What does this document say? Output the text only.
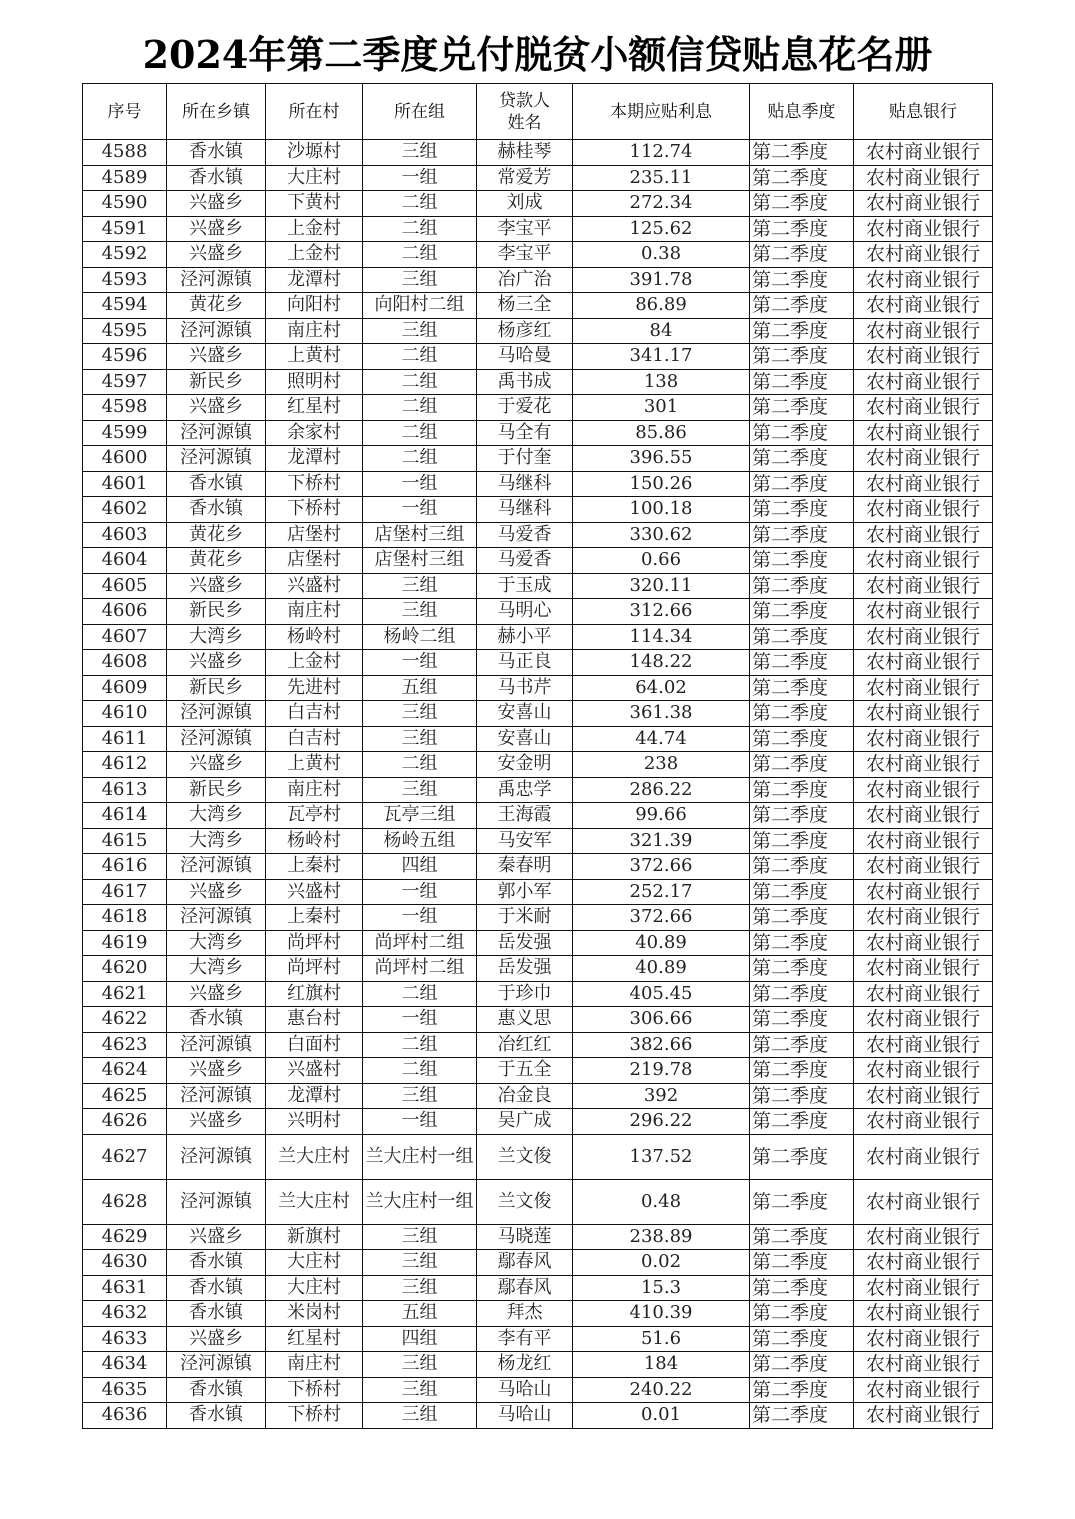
2024年第二季度兑付脱贫小额信贷贴息花名册
序号	所在乡镇	所在村	所在组	贷款人姓名	本期应贴利息	贴息季度	贴息银行
4588	香水镇	沙塬村	三组	赫桂琴	112.74	第二季度	农村商业银行
4589	香水镇	大庄村	一组	常爱芳	235.11	第二季度	农村商业银行
4590	兴盛乡	下黄村	二组	刘成	272.34	第二季度	农村商业银行
4591	兴盛乡	上金村	二组	李宝平	125.62	第二季度	农村商业银行
4592	兴盛乡	上金村	二组	李宝平	0.38	第二季度	农村商业银行
4593	泾河源镇	龙潭村	三组	冶广治	391.78	第二季度	农村商业银行
4594	黄花乡	向阳村	向阳村二组	杨三全	86.89	第二季度	农村商业银行
4595	泾河源镇	南庄村	三组	杨彦红	84	第二季度	农村商业银行
4596	兴盛乡	上黄村	二组	马哈曼	341.17	第二季度	农村商业银行
4597	新民乡	照明村	二组	禹书成	138	第二季度	农村商业银行
4598	兴盛乡	红星村	二组	于爱花	301	第二季度	农村商业银行
4599	泾河源镇	余家村	二组	马全有	85.86	第二季度	农村商业银行
4600	泾河源镇	龙潭村	二组	于付奎	396.55	第二季度	农村商业银行
4601	香水镇	下桥村	一组	马继科	150.26	第二季度	农村商业银行
4602	香水镇	下桥村	一组	马继科	100.18	第二季度	农村商业银行
4603	黄花乡	店堡村	店堡村三组	马爱香	330.62	第二季度	农村商业银行
4604	黄花乡	店堡村	店堡村三组	马爱香	0.66	第二季度	农村商业银行
4605	兴盛乡	兴盛村	三组	于玉成	320.11	第二季度	农村商业银行
4606	新民乡	南庄村	三组	马明心	312.66	第二季度	农村商业银行
4607	大湾乡	杨岭村	杨岭二组	赫小平	114.34	第二季度	农村商业银行
4608	兴盛乡	上金村	一组	马正良	148.22	第二季度	农村商业银行
4609	新民乡	先进村	五组	马书芹	64.02	第二季度	农村商业银行
4610	泾河源镇	白吉村	三组	安喜山	361.38	第二季度	农村商业银行
4611	泾河源镇	白吉村	三组	安喜山	44.74	第二季度	农村商业银行
4612	兴盛乡	上黄村	二组	安金明	238	第二季度	农村商业银行
4613	新民乡	南庄村	三组	禹忠学	286.22	第二季度	农村商业银行
4614	大湾乡	瓦亭村	瓦亭三组	王海霞	99.66	第二季度	农村商业银行
4615	大湾乡	杨岭村	杨岭五组	马安军	321.39	第二季度	农村商业银行
4616	泾河源镇	上秦村	四组	秦春明	372.66	第二季度	农村商业银行
4617	兴盛乡	兴盛村	一组	郭小军	252.17	第二季度	农村商业银行
4618	泾河源镇	上秦村	一组	于米耐	372.66	第二季度	农村商业银行
4619	大湾乡	尚坪村	尚坪村二组	岳发强	40.89	第二季度	农村商业银行
4620	大湾乡	尚坪村	尚坪村二组	岳发强	40.89	第二季度	农村商业银行
4621	兴盛乡	红旗村	二组	于珍巾	405.45	第二季度	农村商业银行
4622	香水镇	惠台村	一组	惠义思	306.66	第二季度	农村商业银行
4623	泾河源镇	白面村	二组	冶红红	382.66	第二季度	农村商业银行
4624	兴盛乡	兴盛村	二组	于五全	219.78	第二季度	农村商业银行
4625	泾河源镇	龙潭村	三组	冶金良	392	第二季度	农村商业银行
4626	兴盛乡	兴明村	一组	吴广成	296.22	第二季度	农村商业银行
4627	泾河源镇	兰大庄村	兰大庄村一组	兰文俊	137.52	第二季度	农村商业银行
4628	泾河源镇	兰大庄村	兰大庄村一组	兰文俊	0.48	第二季度	农村商业银行
4629	兴盛乡	新旗村	三组	马晓莲	238.89	第二季度	农村商业银行
4630	香水镇	大庄村	三组	鄢春风	0.02	第二季度	农村商业银行
4631	香水镇	大庄村	三组	鄢春风	15.3	第二季度	农村商业银行
4632	香水镇	米岗村	五组	拜杰	410.39	第二季度	农村商业银行
4633	兴盛乡	红星村	四组	李有平	51.6	第二季度	农村商业银行
4634	泾河源镇	南庄村	三组	杨龙红	184	第二季度	农村商业银行
4635	香水镇	下桥村	三组	马哈山	240.22	第二季度	农村商业银行
4636	香水镇	下桥村	三组	马哈山	0.01	第二季度	农村商业银行
